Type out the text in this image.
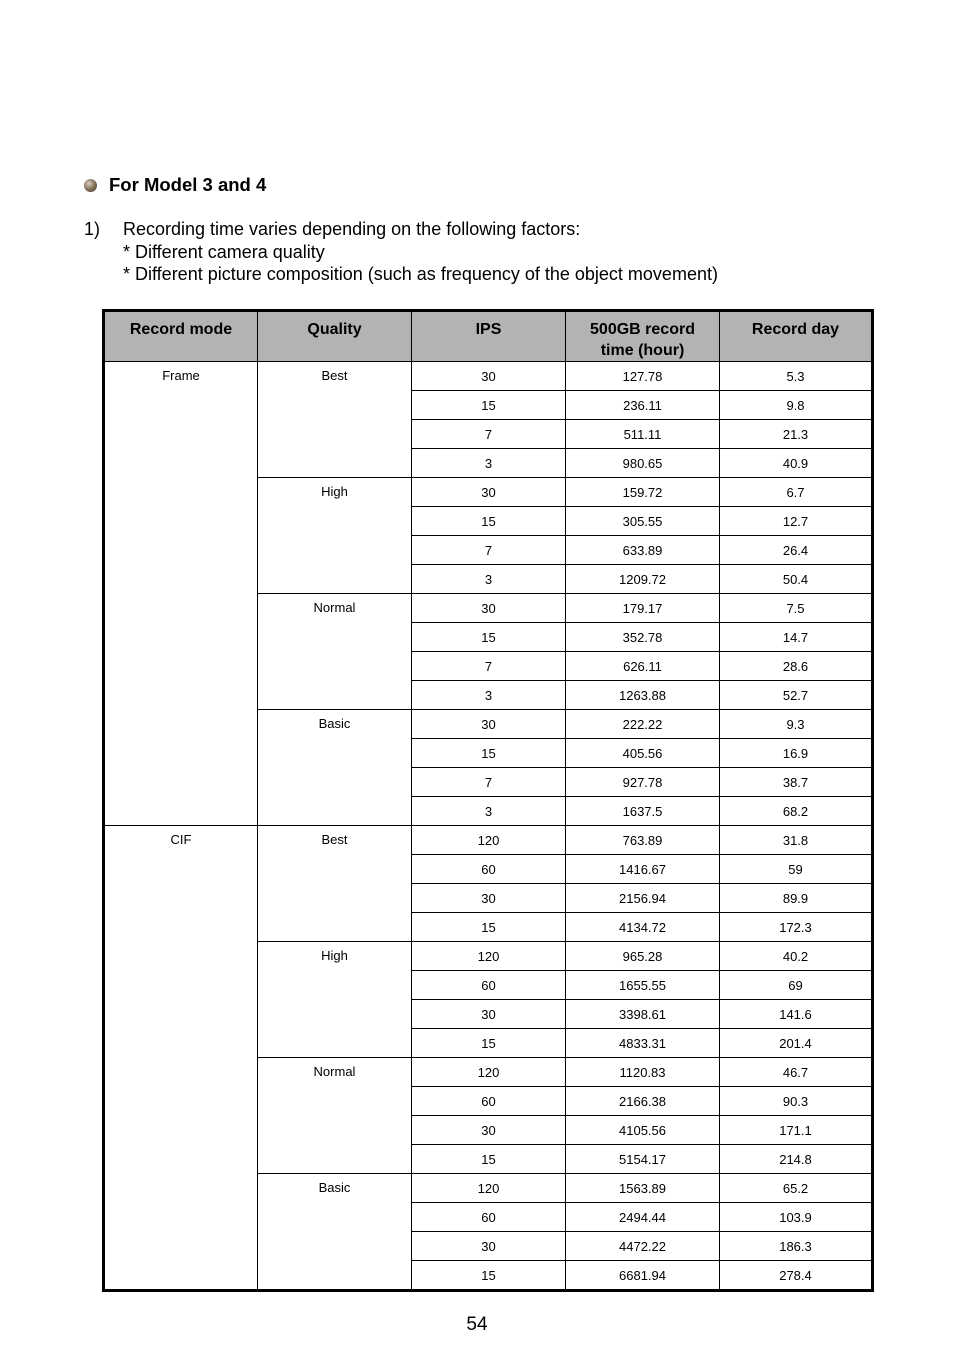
For Model 3 and 4
1) Recording time varies depending on the following factors:
* Different camera quality
* Different picture composition (such as frequency of the object movement)
Record mode	Quality	IPS	500GB record time (hour)	Record day
Frame	Best	30	127.78	5.3
		15	236.11	9.8
		7	511.11	21.3
		3	980.65	40.9
	High	30	159.72	6.7
		15	305.55	12.7
		7	633.89	26.4
		3	1209.72	50.4
	Normal	30	179.17	7.5
		15	352.78	14.7
		7	626.11	28.6
		3	1263.88	52.7
	Basic	30	222.22	9.3
		15	405.56	16.9
		7	927.78	38.7
		3	1637.5	68.2
CIF	Best	120	763.89	31.8
		60	1416.67	59
		30	2156.94	89.9
		15	4134.72	172.3
	High	120	965.28	40.2
		60	1655.55	69
		30	3398.61	141.6
		15	4833.31	201.4
	Normal	120	1120.83	46.7
		60	2166.38	90.3
		30	4105.56	171.1
		15	5154.17	214.8
	Basic	120	1563.89	65.2
		60	2494.44	103.9
		30	4472.22	186.3
		15	6681.94	278.4
54
